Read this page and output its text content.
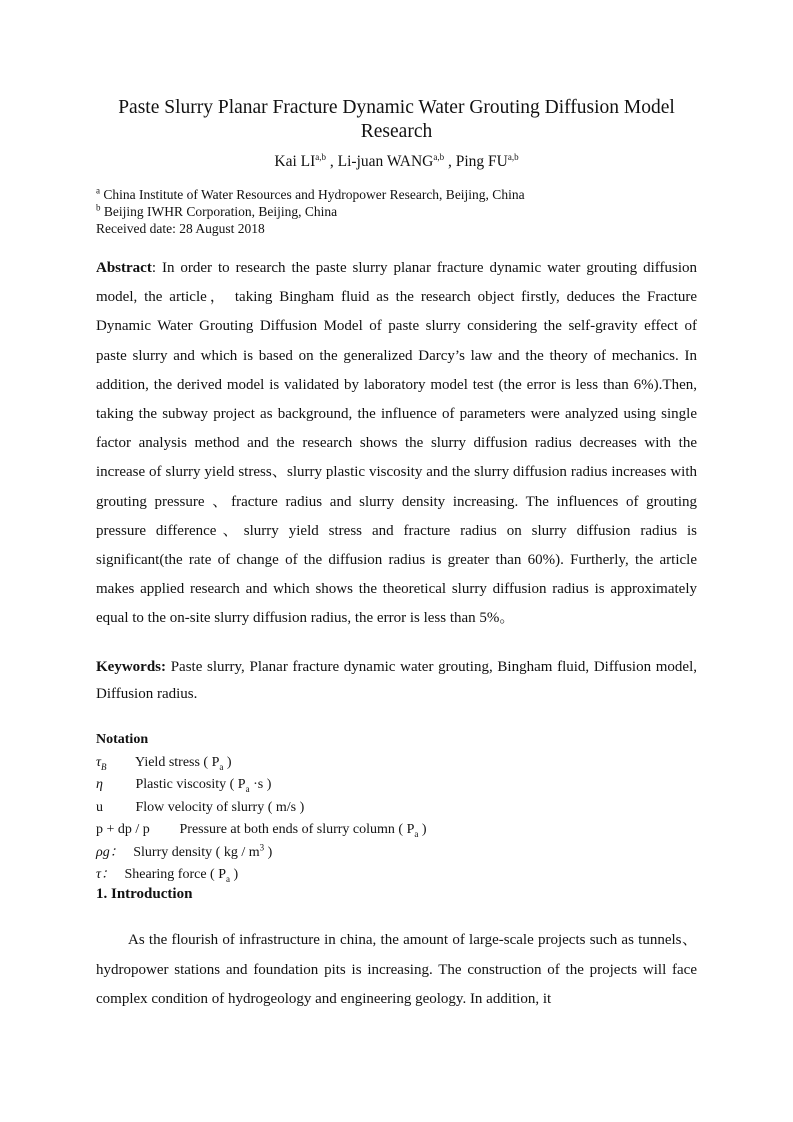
Paste Slurry Planar Fracture Dynamic Water Grouting Diffusion Model Research
Kai LI$^{a,b}$ , Li-juan WANG$^{a,b}$ , Ping FU$^{a,b}$
$^a$ China Institute of Water Resources and Hydropower Research, Beijing, China
$^b$ Beijing IWHR Corporation, Beijing, China
Received date: 28 August 2018
Abstract: In order to research the paste slurry planar fracture dynamic water grouting diffusion model, the article， taking Bingham fluid as the research object firstly, deduces the Fracture Dynamic Water Grouting Diffusion Model of paste slurry considering the self-gravity effect of paste slurry and which is based on the generalized Darcy’s law and the theory of mechanics. In addition, the derived model is validated by laboratory model test (the error is less than 6%).Then, taking the subway project as background, the influence of parameters were analyzed using single factor analysis method and the research shows the slurry diffusion radius decreases with the increase of slurry yield stress、slurry plastic viscosity and the slurry diffusion radius increases with grouting pressure 、fracture radius and slurry density increasing. The influences of grouting pressure difference、slurry yield stress and fracture radius on slurry diffusion radius is significant(the rate of change of the diffusion radius is greater than 60%). Furtherly, the article makes applied research and which shows the theoretical slurry diffusion radius is approximately equal to the on-site slurry diffusion radius, the error is less than 5%。
Keywords: Paste slurry, Planar fracture dynamic water grouting, Bingham fluid, Diffusion model, Diffusion radius.
Notation
$\tau_B$ Yield stress ( $P_a$ )
η Plastic viscosity ( $P_a \cdot s$ )
u Flow velocity of slurry ( m/s )
p + dp / p Pressure at both ends of slurry column ( $P_a$ )
ρg： Slurry density ( kg / $m^3$ )
τ： Shearing force ( $P_a$ )
1. Introduction
As the flourish of infrastructure in china, the amount of large-scale projects such as tunnels、hydropower stations and foundation pits is increasing. The construction of the projects will face complex condition of hydrogeology and engineering geology. In addition, it
